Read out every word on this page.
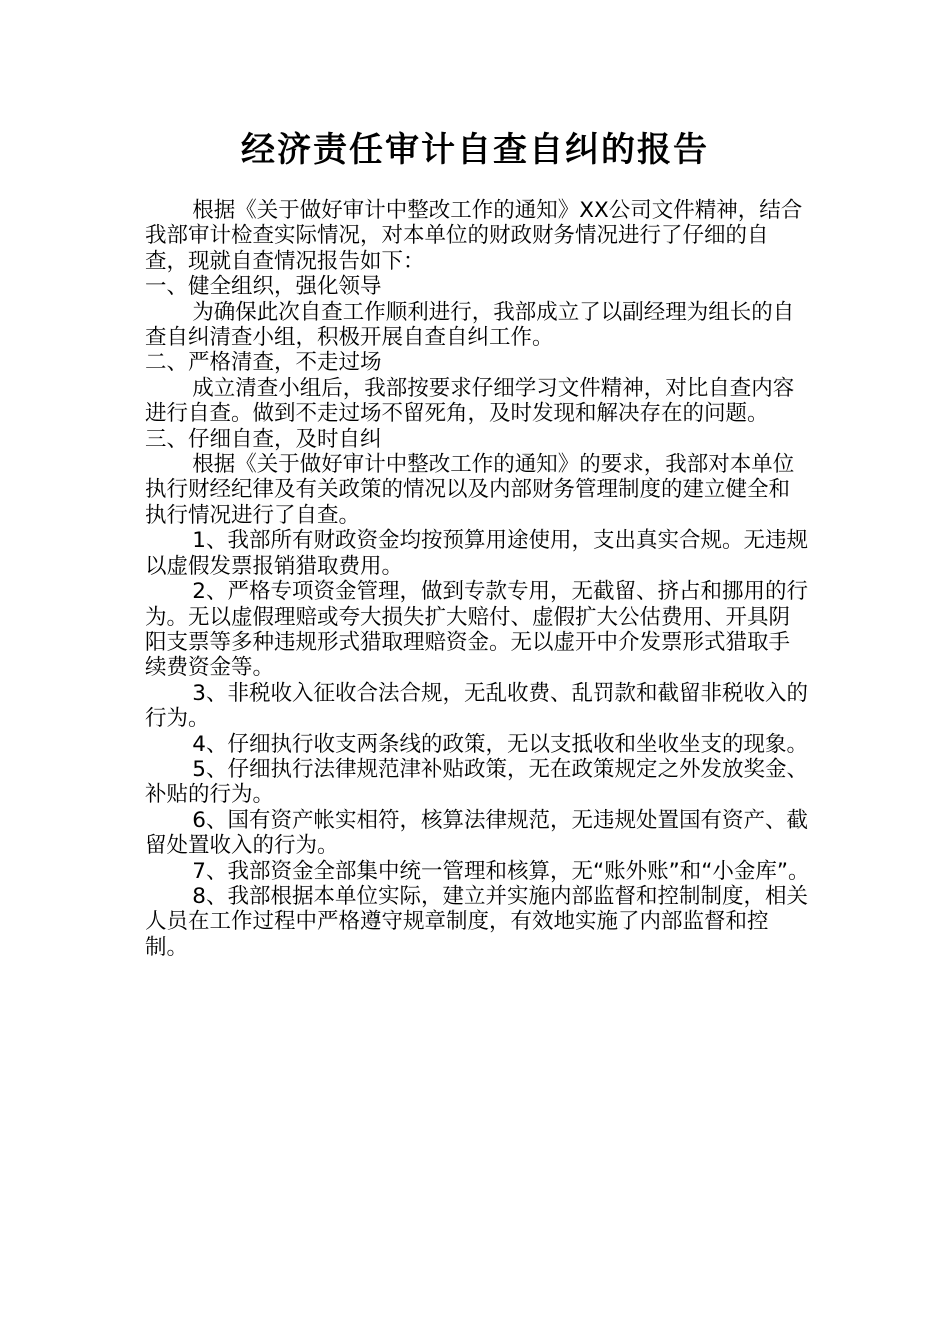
经济责任审计自查自纠的报告

根据《关于做好审计中整改工作的通知》XX公司文件精神，结合我部审计检查实际情况，对本单位的财政财务情况进行了仔细的自查，现就自查情况报告如下：

一、健全组织，强化领导

为确保此次自查工作顺利进行，我部成立了以副经理为组长的自查自纠清查小组，积极开展自查自纠工作。

二、严格清查，不走过场

成立清查小组后，我部按要求仔细学习文件精神，对比自查内容进行自查。做到不走过场不留死角，及时发现和解决存在的问题。

三、仔细自查，及时自纠

根据《关于做好审计中整改工作的通知》的要求，我部对本单位执行财经纪律及有关政策的情况以及内部财务管理制度的建立健全和执行情况进行了自查。

1、我部所有财政资金均按预算用途使用，支出真实合规。无违规以虚假发票报销猎取费用。

2、严格专项资金管理，做到专款专用，无截留、挤占和挪用的行为。无以虚假理赔或夸大损失扩大赔付、虚假扩大公估费用、开具阴阳支票等多种违规形式猎取理赔资金。无以虚开中介发票形式猎取手续费资金等。

3、非税收入征收合法合规，无乱收费、乱罚款和截留非税收入的行为。

4、仔细执行收支两条线的政策，无以支抵收和坐收坐支的现象。

5、仔细执行法律规范津补贴政策，无在政策规定之外发放奖金、补贴的行为。

6、国有资产帐实相符，核算法律规范，无违规处置国有资产、截留处置收入的行为。

7、我部资金全部集中统一管理和核算，无“账外账”和“小金库”。

8、我部根据本单位实际，建立并实施内部监督和控制制度，相关人员在工作过程中严格遵守规章制度，有效地实施了内部监督和控制。
